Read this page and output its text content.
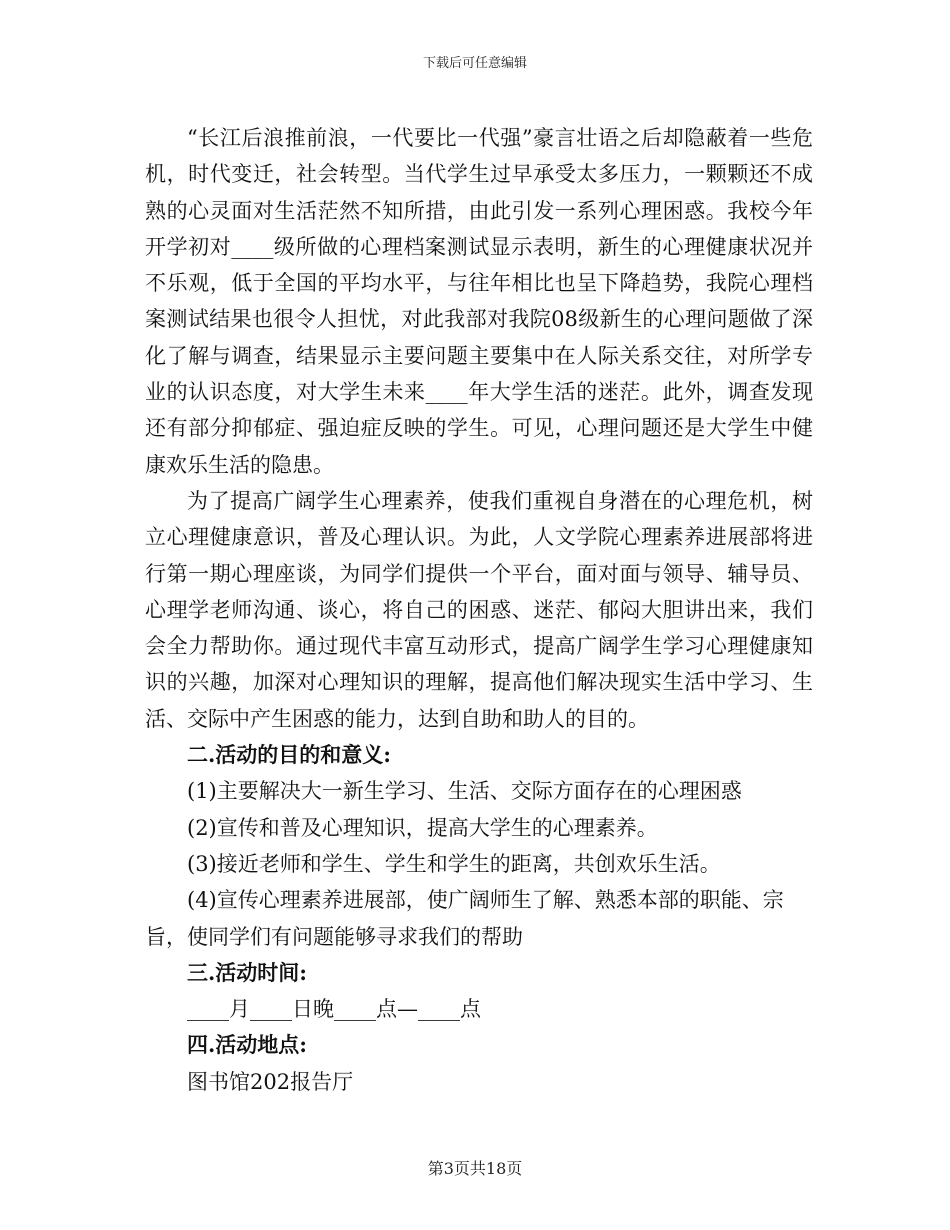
下载后可任意编辑

“长江后浪推前浪，一代要比一代强”豪言壮语之后却隐蔽着一些危机，时代变迁，社会转型。当代学生过早承受太多压力，一颗颗还不成熟的心灵面对生活茫然不知所措，由此引发一系列心理困惑。我校今年开学初对____级所做的心理档案测试显示表明，新生的心理健康状况并不乐观，低于全国的平均水平，与往年相比也呈下降趋势，我院心理档案测试结果也很令人担忧，对此我部对我院08级新生的心理问题做了深化了解与调查，结果显示主要问题主要集中在人际关系交往，对所学专业的认识态度，对大学生未来____年大学生活的迷茫。此外，调查发现还有部分抑郁症、强迫症反映的学生。可见，心理问题还是大学生中健康欢乐生活的隐患。

为了提高广阔学生心理素养，使我们重视自身潜在的心理危机，树立心理健康意识，普及心理认识。为此，人文学院心理素养进展部将进行第一期心理座谈，为同学们提供一个平台，面对面与领导、辅导员、心理学老师沟通、谈心，将自己的困惑、迷茫、郁闷大胆讲出来，我们会全力帮助你。通过现代丰富互动形式，提高广阔学生学习心理健康知识的兴趣，加深对心理知识的理解，提高他们解决现实生活中学习、生活、交际中产生困惑的能力，达到自助和助人的目的。

二.活动的目的和意义:

(1)主要解决大一新生学习、生活、交际方面存在的心理困惑

(2)宣传和普及心理知识，提高大学生的心理素养。

(3)接近老师和学生、学生和学生的距离，共创欢乐生活。

(4)宣传心理素养进展部，使广阔师生了解、熟悉本部的职能、宗旨，使同学们有问题能够寻求我们的帮助

三.活动时间:

____月____日晚____点—____点

四.活动地点:

图书馆202报告厅

第3页共18页
